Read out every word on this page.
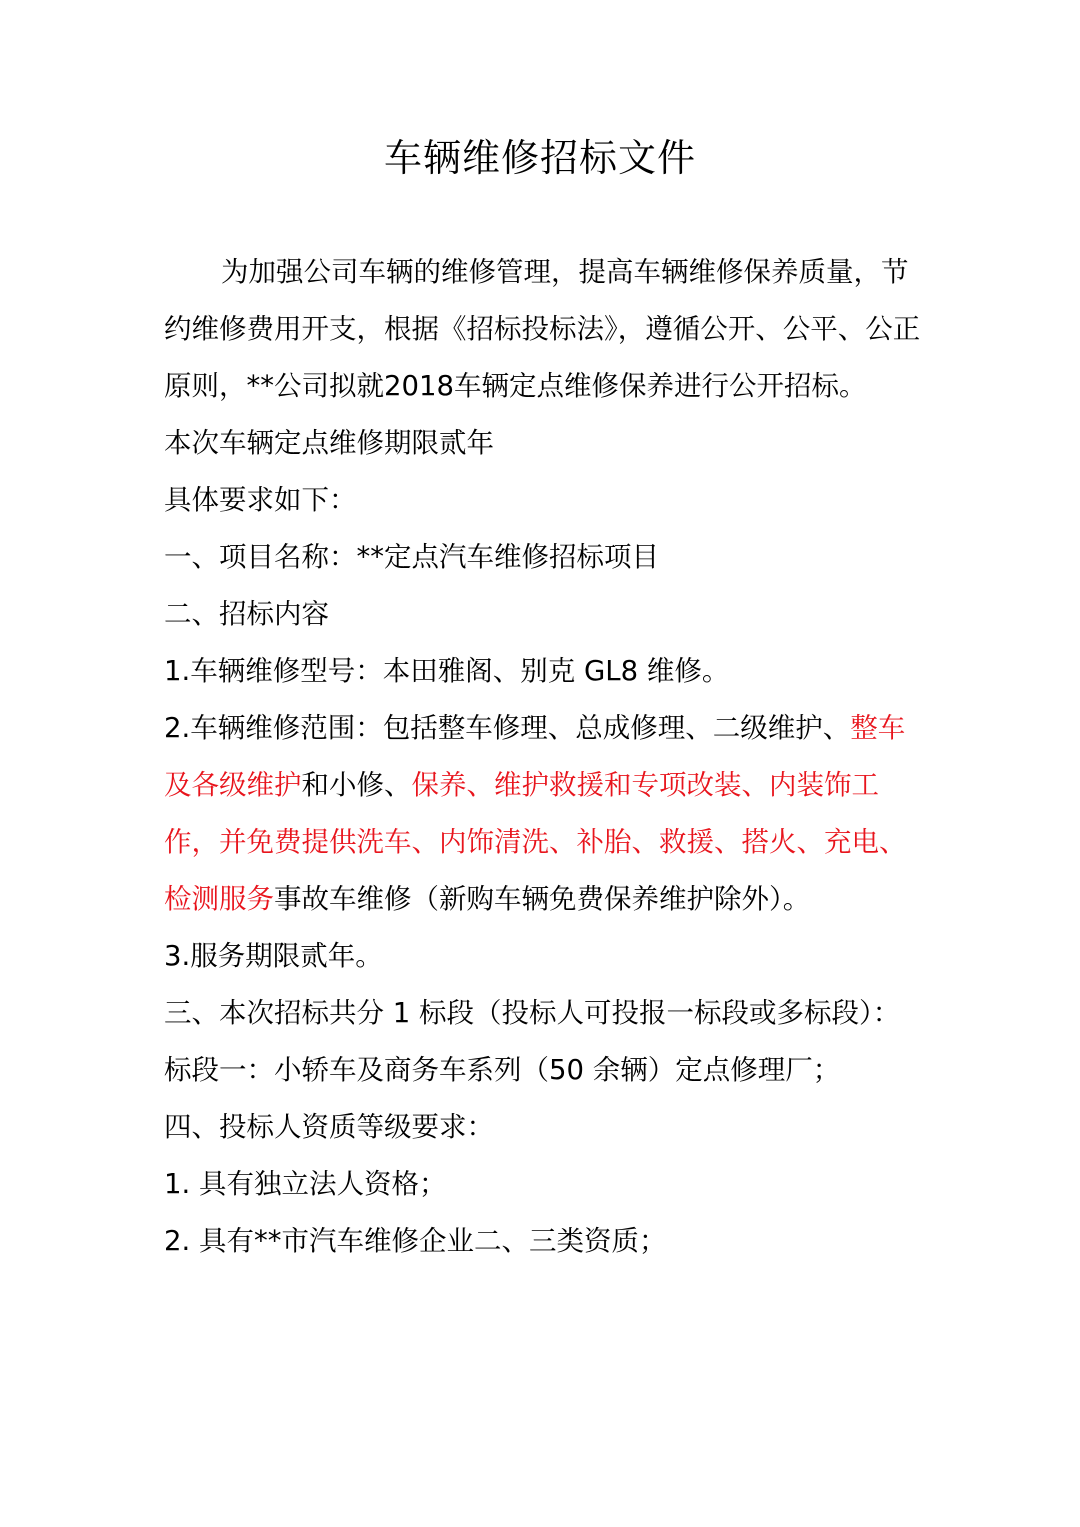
车辆维修招标文件

为加强公司车辆的维修管理，提高车辆维修保养质量，节约维修费用开支，根据《招标投标法》，遵循公开、公平、公正原则，**公司拟就2018车辆定点维修保养进行公开招标。

本次车辆定点维修期限贰年

具体要求如下：

一、项目名称：**定点汽车维修招标项目

二、招标内容

1.车辆维修型号：本田雅阁、别克 GL8 维修。

2.车辆维修范围：包括整车修理、总成修理、二级维护、整车及各级维护和小修、保养、维护救援和专项改装、内装饰工作，并免费提供洗车、内饰清洗、补胎、救援、搭火、充电、检测服务事故车维修（新购车辆免费保养维护除外）。

3.服务期限贰年。

三、本次招标共分 1 标段（投标人可投报一标段或多标段）：

标段一：小轿车及商务车系列（50 余辆）定点修理厂；

四、投标人资质等级要求：

1. 具有独立法人资格；

2. 具有**市汽车维修企业二、三类资质；
